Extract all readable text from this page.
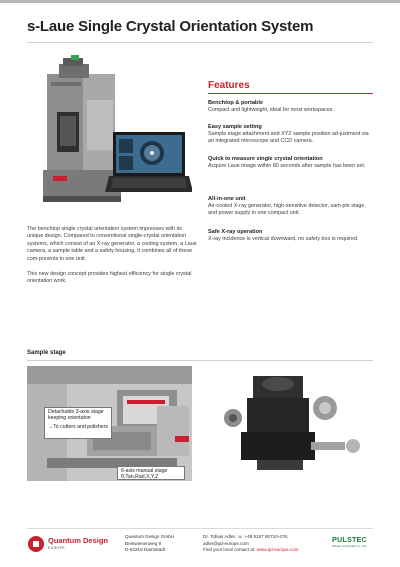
s-Laue Single Crystal Orientation System
Features
Benchtop & portable
Compact and lightweight, ideal for most workspaces.
Easy sample setting
Sample stage attachment and XYZ sample position ad-justment via an integrated microscope and CCD camera.
Quick to measure single crystal orientation
Acquire Laue image within 80 seconds after sample has been set.
All-in-one unit
Air-cooled X-ray generator, high-sensitive detector, sam-ple stage, and power supply in one compact unit.
Safe X-ray operation
X-ray incidence is vertical downward, no safety box is required.

The benchtop single crystal orientation system impresses with its unique design. Compared to conventional single-crystal orientation systems, which consist of an X-ray generator, a cooling system, a Laue camera, a sample table and a safety housing, it combines all of these com-ponents in one unit.

This new design concept provides highest efficiency for single crystal orientation work.

Sample stage
Detachable 3-axis stage
keeping orientaton
→To cutters and polishers
6-axis manual stage
θ,Tan,Rad,X,Y,Z
Quantum Design
EUROPE
Quantum Design GmbH
Breitwiesenweg 9
D-64319 Darmstadt
Dr. Tobias Adler, ☏ +49 6157 80710-478,
adler@qd-europe.com
Find your local contact at: www.qd-europa.com
PULSTEC
Pulstec Industrial Co., Ltd.
